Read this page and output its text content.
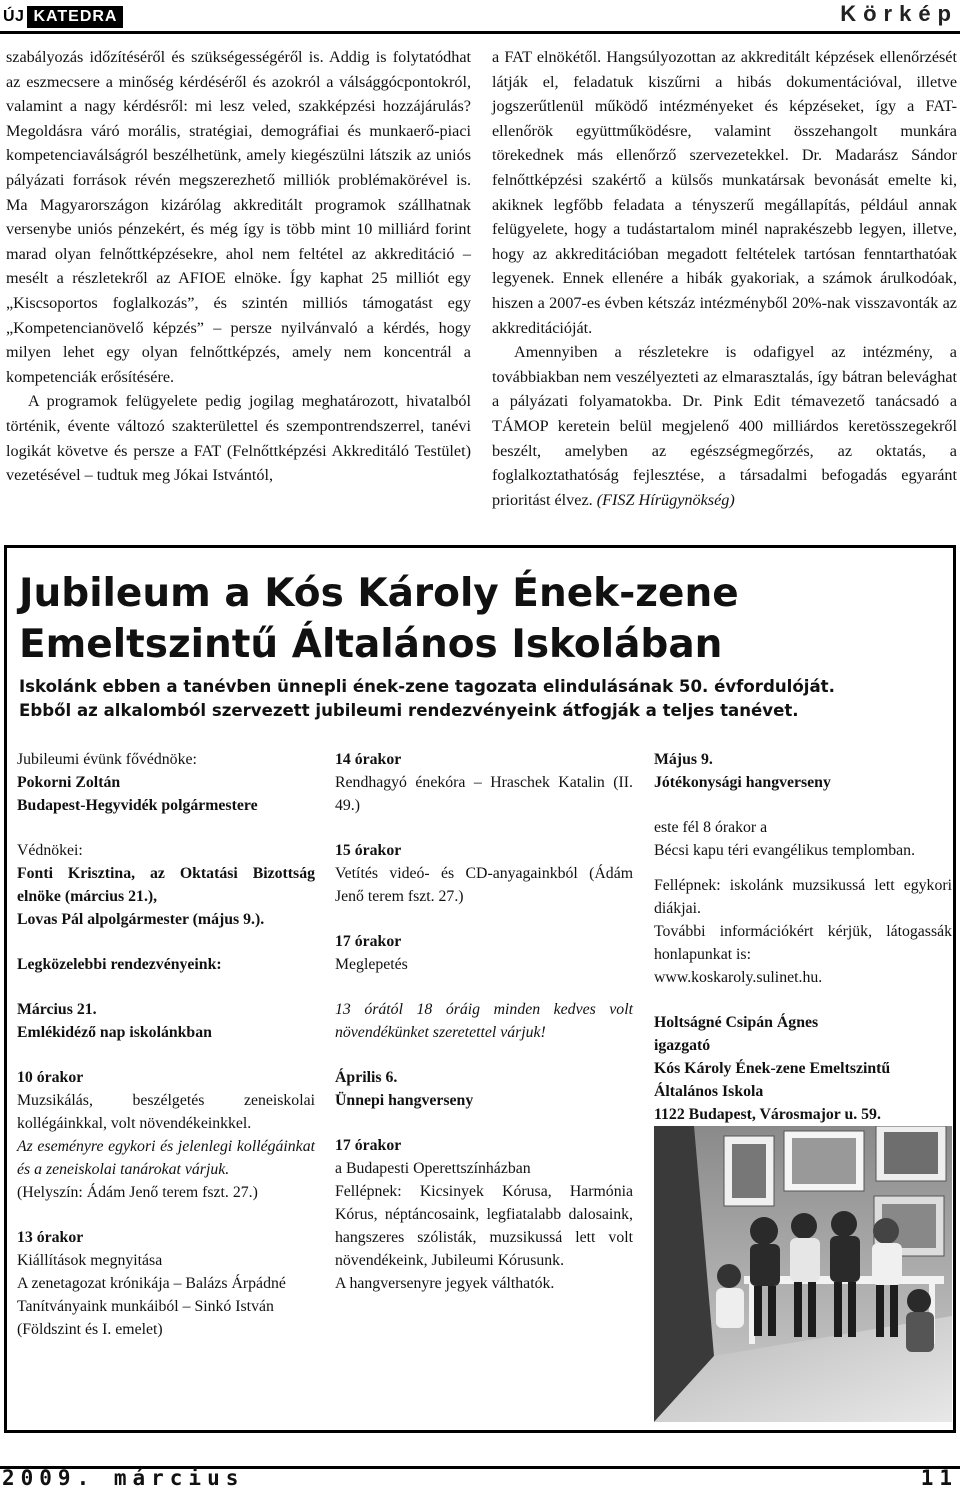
ÚJ KATEDRA	Körkép

szabályozás időzítéséről és szükségességéről is. Addig is folytatódhat az eszmecsere a minőség kérdéséről és azokról a válsággócpontokról, valamint a nagy kérdésről: mi lesz veled, szakképzési hozzájárulás? Megoldásra váró morális, stratégiai, demográfiai és munkaerő-piaci kompetenciaválságról beszélhetünk, amely kiegészülni látszik az uniós pályázati források révén megszerezhető milliók problémakörével is. Ma Magyarországon kizárólag akkreditált programok szállhatnak versenybe uniós pénzekért, és még így is több mint 10 milliárd forint marad olyan felnőttképzésekre, ahol nem feltétel az akkreditáció – mesélt a részletekről az AFIOE elnöke. Így kaphat 25 milliót egy „Kiscsoportos foglalkozás”, és szintén milliós támogatást egy „Kompetencianövelő képzés” – persze nyilvánvaló a kérdés, hogy milyen lehet egy olyan felnőttképzés, amely nem koncentrál a kompetenciák erősítésére.

A programok felügyelete pedig jogilag meghatározott, hivatalból történik, évente változó szakterülettel és szempontrendszerrel, tanévi logikát követve és persze a FAT (Felnőttképzési Akkreditáló Testület) vezetésével – tudtuk meg Jókai Istvántól,

a FAT elnökétől. Hangsúlyozottan az akkreditált képzések ellenőrzését látják el, feladatuk kiszűrni a hibás dokumentációval, illetve jogszerűtlenül működő intézményeket és képzéseket, így a FAT-ellenőrök együttműködésre, valamint összehangolt munkára törekednek más ellenőrző szervezetekkel. Dr. Madarász Sándor felnőttképzési szakértő a külsős munkatársak bevonását emelte ki, akiknek legfőbb feladata a tényszerű megállapítás, például annak felügyelete, hogy a tudástartalom minél naprakészebb legyen, illetve, hogy az akkreditációban megadott feltételek tartósan fenntarthatóak legyenek. Ennek ellenére a hibák gyakoriak, a számok árulkodóak, hiszen a 2007-es évben kétszáz intézményből 20%-nak visszavonták az akkreditációját.

Amennyiben a részletekre is odafigyel az intézmény, a továbbiakban nem veszélyezteti az elmarasztalás, így bátran belevághat a pályázati folyamatokba. Dr. Pink Edit témavezető tanácsadó a TÁMOP keretein belül megjelenő 400 milliárdos keretösszegekről beszélt, amelyben az egészségmegőrzés, az oktatás, a foglalkoztathatóság fejlesztése, a társadalmi befogadás egyaránt prioritást élvez. (FISZ Hírügynökség)

Jubileum a Kós Károly Ének-zene
Emeltszintű Általános Iskolában
Iskolánk ebben a tanévben ünnepli ének-zene tagozata elindulásának 50. évfordulóját.
Ebből az alkalomból szervezett jubileumi rendezvényeink átfogják a teljes tanévet.

Jubileumi évünk fővédnöke:
Pokorni Zoltán
Budapest-Hegyvidék polgármestere

Védnökei:
Fonti Krisztina, az Oktatási Bizottság elnöke (március 21.),
Lovas Pál alpolgármester (május 9.).

Legközelebbi rendezvényeink:

Március 21.
Emlékidéző nap iskolánkban

10 órakor
Muzsikálás, beszélgetés zeneiskolai kollégáinkkal, volt növendékeinkkel.
Az eseményre egykori és jelenlegi kollégáinkat és a zeneiskolai tanárokat várjuk.
(Helyszín: Ádám Jenő terem fszt. 27.)

13 órakor
Kiállítások megnyitása
A zenetagozat krónikája – Balázs Árpádné
Tanítványaink munkáiból – Sinkó István
(Földszint és I. emelet)

14 órakor
Rendhagyó énekóra – Hraschek Katalin (II. 49.)

15 órakor
Vetítés videó- és CD-anyagainkból (Ádám Jenő terem fszt. 27.)

17 órakor
Meglepetés

13 órától 18 óráig minden kedves volt növendékünket szeretettel várjuk!

Április 6.
Ünnepi hangverseny

17 órakor
a Budapesti Operettszínházban
Fellépnek: Kicsinyek Kórusa, Harmónia Kórus, néptáncosaink, legfiatalabb dalosaink, hangszeres szólisták, muzsikussá lett volt növendékeink, Jubileumi Kórusunk.
A hangversenyre jegyek válthatók.

Május 9.
Jótékonysági hangverseny

este fél 8 órakor a
Bécsi kapu téri evangélikus templomban.

Fellépnek: iskolánk muzsikussá lett egykori diákjai.

További információkért kérjük, látogassák honlapunkat is:
www.koskaroly.sulinet.hu.

Holtságné Csipán Ágnes
igazgató
Kós Károly Ének-zene Emeltszintű
Általános Iskola
1122 Budapest, Városmajor u. 59.

2009. március	11
